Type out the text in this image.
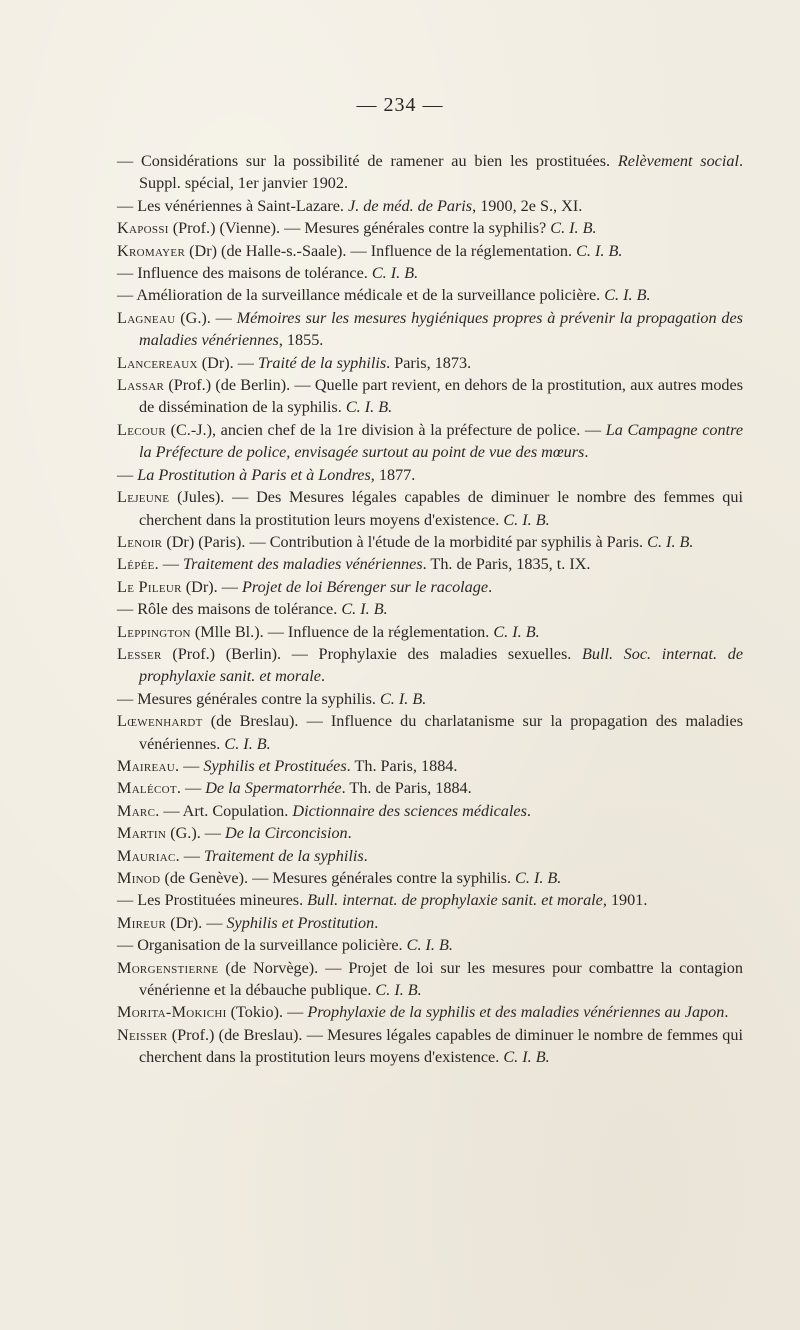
— 234 —

— Considérations sur la possibilité de ramener au bien les prostituées. Relèvement social. Suppl. spécial, 1er janvier 1902.

— Les vénériennes à Saint-Lazare. J. de méd. de Paris, 1900, 2e S., XI.

Kapossi (Prof.) (Vienne). — Mesures générales contre la syphilis? C. I. B.

Kromayer (Dr) (de Halle-s.-Saale). — Influence de la réglementation. C. I. B.

— Influence des maisons de tolérance. C. I. B.

— Amélioration de la surveillance médicale et de la surveillance policière. C. I. B.

Lagneau (G.). — Mémoires sur les mesures hygiéniques propres à prévenir la propagation des maladies vénériennes, 1855.

Lancereaux (Dr). — Traité de la syphilis. Paris, 1873.

Lassar (Prof.) (de Berlin). — Quelle part revient, en dehors de la prostitution, aux autres modes de dissémination de la syphilis. C. I. B.

Lecour (C.-J.), ancien chef de la 1re division à la préfecture de police. — La Campagne contre la Préfecture de police, envisagée surtout au point de vue des mœurs.

— La Prostitution à Paris et à Londres, 1877.

Lejeune (Jules). — Des Mesures légales capables de diminuer le nombre des femmes qui cherchent dans la prostitution leurs moyens d'existence. C. I. B.

Lenoir (Dr) (Paris). — Contribution à l'étude de la morbidité par syphilis à Paris. C. I. B.

Lépée. — Traitement des maladies vénériennes. Th. de Paris, 1835, t. IX.

Le Pileur (Dr). — Projet de loi Bérenger sur le racolage.

— Rôle des maisons de tolérance. C. I. B.

Leppington (Mlle Bl.). — Influence de la réglementation. C. I. B.

Lesser (Prof.) (Berlin). — Prophylaxie des maladies sexuelles. Bull. Soc. internat. de prophylaxie sanit. et morale.

— Mesures générales contre la syphilis. C. I. B.

Lœwenhardt (de Breslau). — Influence du charlatanisme sur la propagation des maladies vénériennes. C. I. B.

Maireau. — Syphilis et Prostituées. Th. Paris, 1884.

Malécot. — De la Spermatorrhée. Th. de Paris, 1884.

Marc. — Art. Copulation. Dictionnaire des sciences médicales.

Martin (G.). — De la Circoncision.

Mauriac. — Traitement de la syphilis.

Minod (de Genève). — Mesures générales contre la syphilis. C. I. B.

— Les Prostituées mineures. Bull. internat. de prophylaxie sanit. et morale, 1901.

Mireur (Dr). — Syphilis et Prostitution.

— Organisation de la surveillance policière. C. I. B.

Morgenstierne (de Norvège). — Projet de loi sur les mesures pour combattre la contagion vénérienne et la débauche publique. C. I. B.

Morita-Mokichi (Tokio). — Prophylaxie de la syphilis et des maladies vénériennes au Japon.

Neisser (Prof.) (de Breslau). — Mesures légales capables de diminuer le nombre de femmes qui cherchent dans la prostitution leurs moyens d'existence. C. I. B.
